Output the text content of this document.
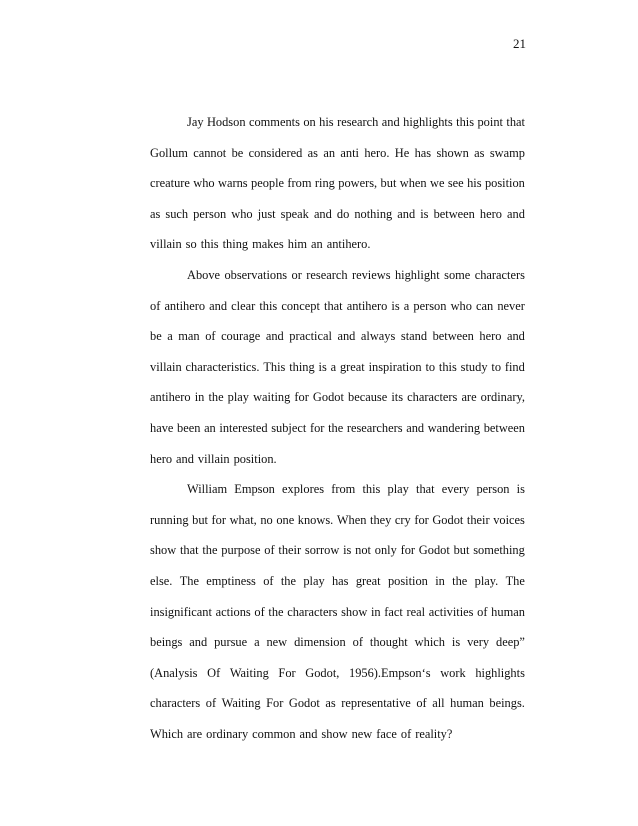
21
Jay Hodson comments on his research and highlights this point that
Gollum cannot be considered as an anti hero. He has shown as swamp
creature who warns people from ring powers, but when we see his position
as such person who just speak and do nothing and is between hero and
villain so this thing makes him an antihero.
Above observations or research reviews highlight some characters
of antihero and clear this concept that antihero is a person who can never
be a man of courage and practical and always stand between hero and
villain characteristics. This thing is a great inspiration to this study to find
antihero in the play waiting for Godot because its characters are ordinary,
have been an interested subject for the researchers and wandering between
hero and villain position.
William Empson explores from this play that every person is
running but for what, no one knows. When they cry for Godot their voices
show that the purpose of their sorrow is not only for Godot but something
else. The emptiness of the play has great position in the play. The
insignificant actions of the characters show in fact real activities of human
beings and pursue a new dimension of thought which is very deep”
(Analysis Of Waiting For Godot, 1956).Empson‘s work highlights
characters of Waiting For Godot as representative of all human beings.
Which are ordinary common and show new face of reality?
